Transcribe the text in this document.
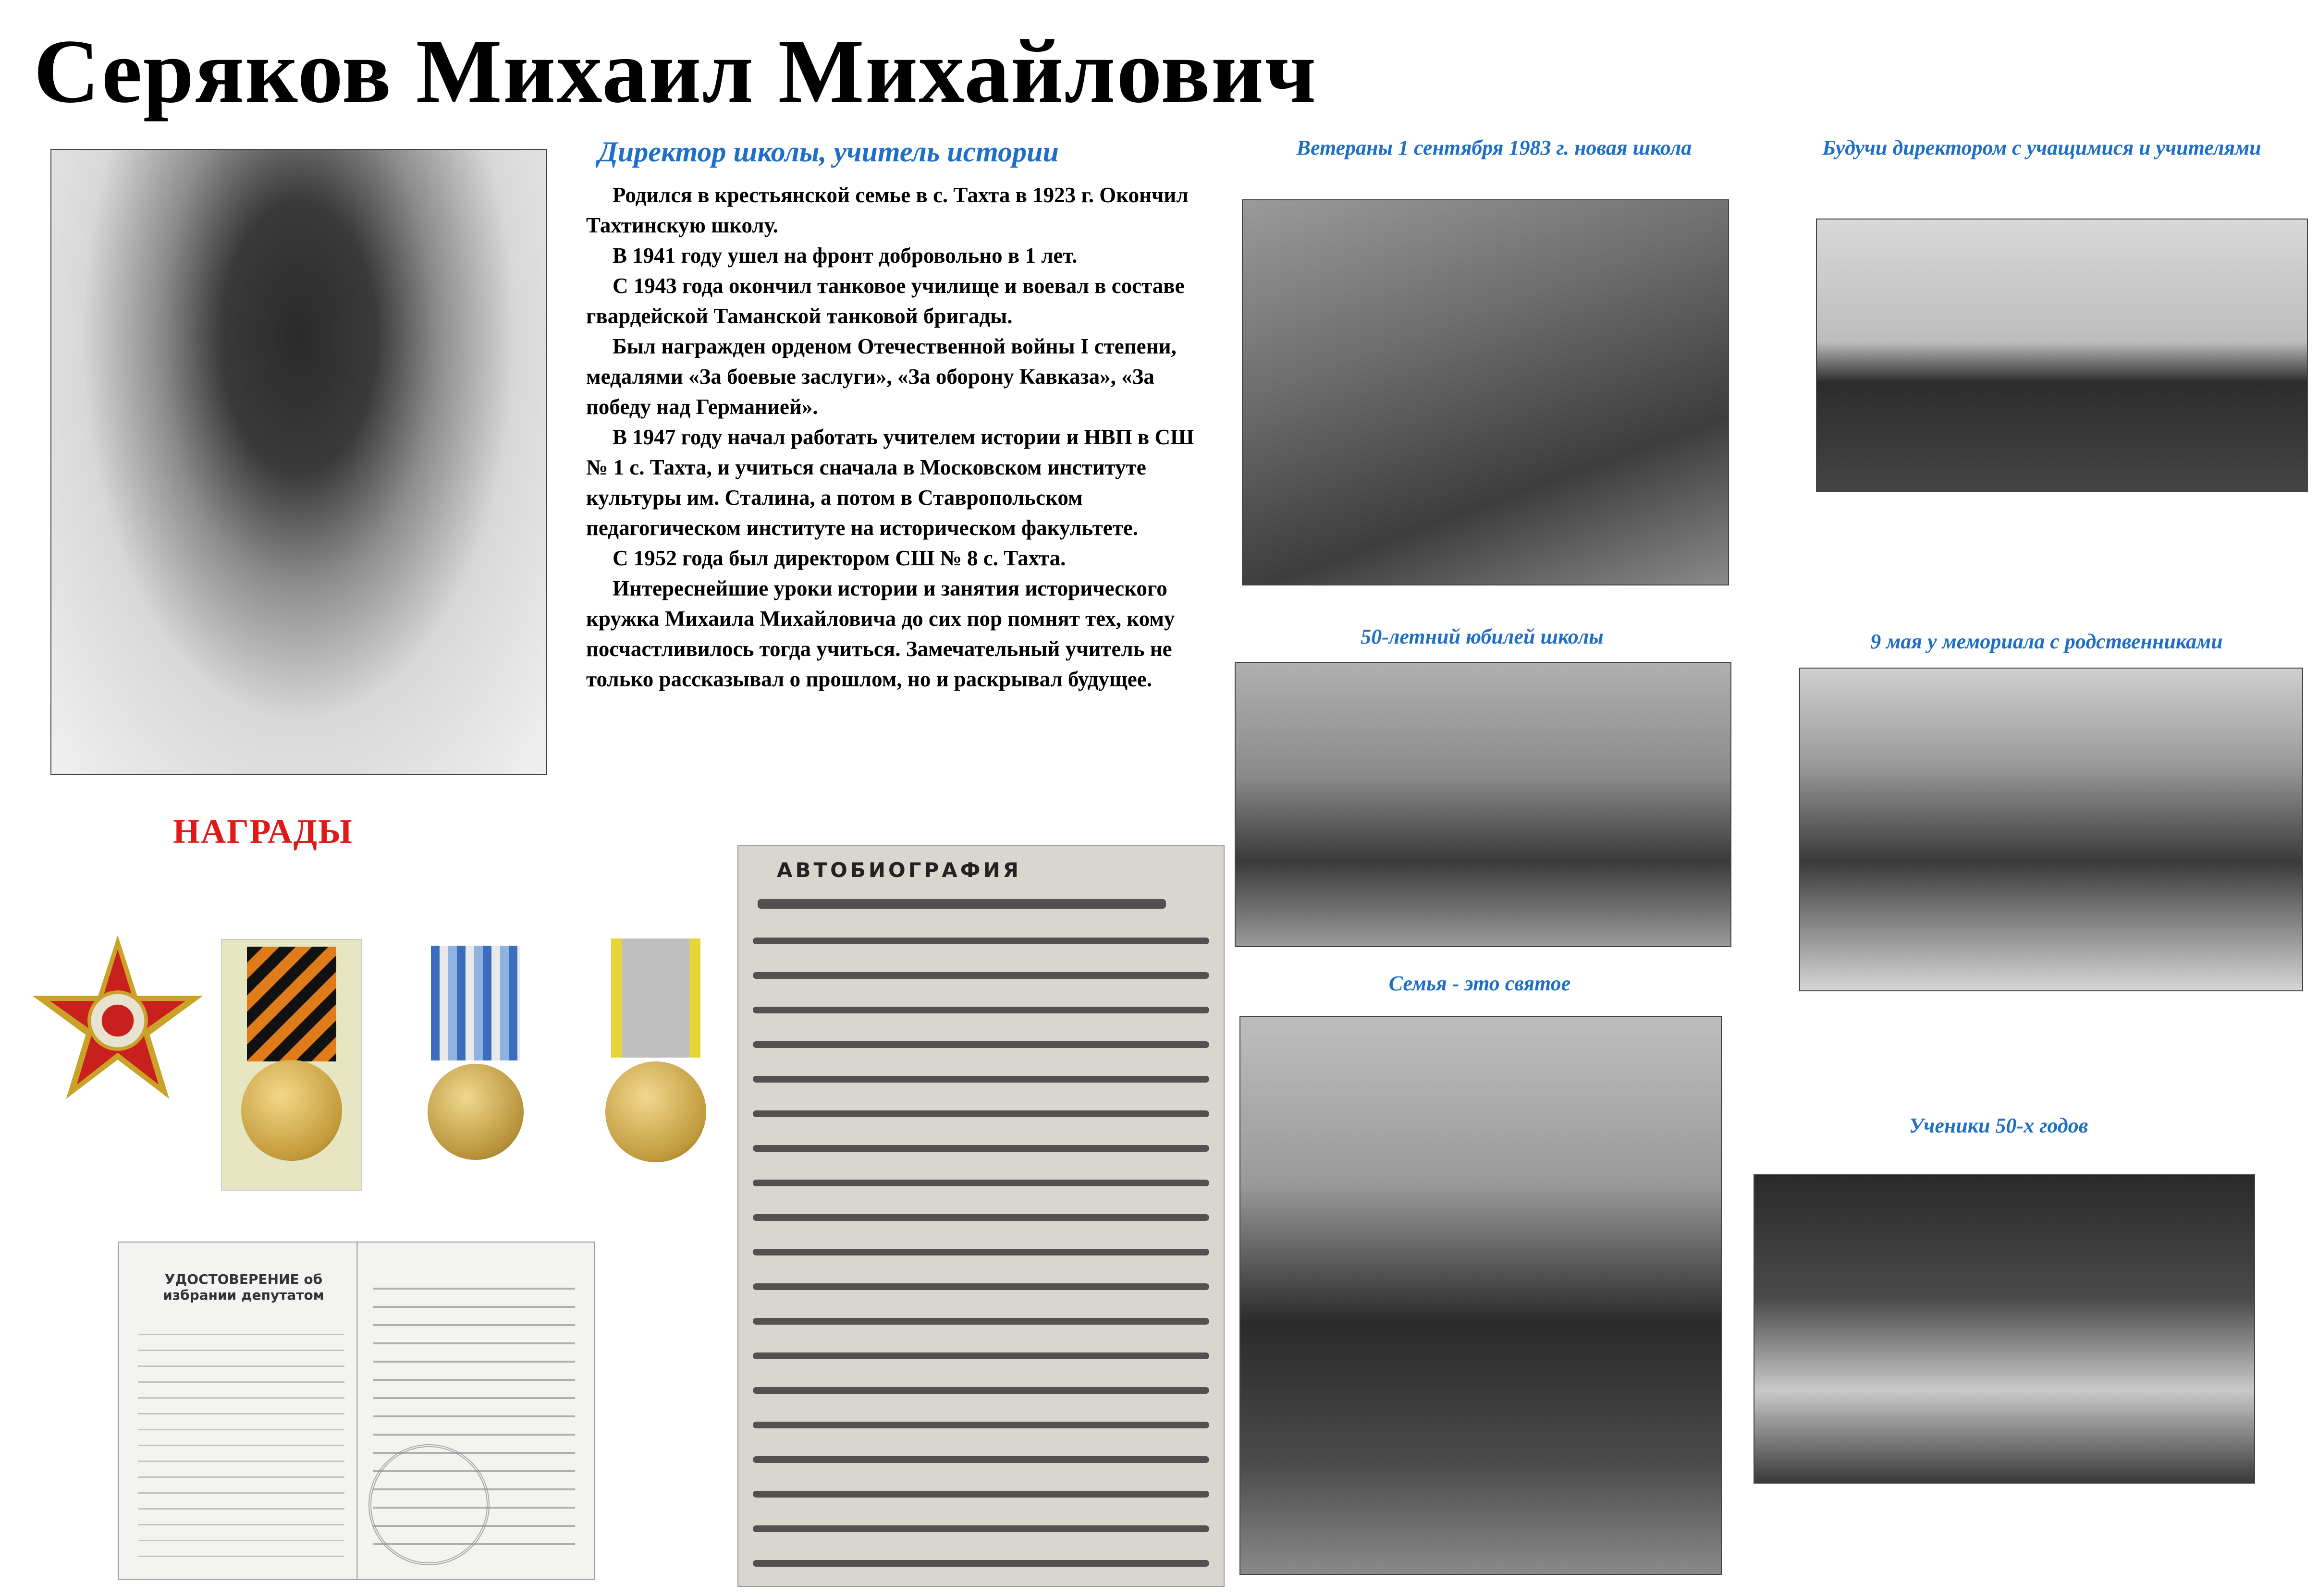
Серяков Михаил Михайлович
Директор школы, учитель истории

Родился в крестьянской семье в с. Тахта в 1923 г. Окончил Тахтинскую школу.

В 1941 году ушел на фронт добровольно в 1 лет.

С 1943 года окончил танковое училище и воевал в составе гвардейской Таманской танковой бригады.

Был награжден орденом Отечественной войны I степени, медалями «За боевые заслуги», «За оборону Кавказа», «За победу над Германией».

В 1947 году начал работать учителем истории и НВП в СШ № 1 с. Тахта, и учиться сначала в Московском институте культуры им. Сталина, а потом в Ставропольском педагогическом институте на историческом факультете.

С 1952 года был директором СШ № 8 с. Тахта.

Интереснейшие уроки истории и занятия исторического кружка Михаила Михайловича до сих пор помнят тех, кому посчастливилось тогда учиться. Замечательный учитель не только рассказывал о прошлом, но и раскрывал будущее.

Ветераны 1 сентября 1983 г. новая школа	Будучи директором с учащимися и учителями
50-летний юбилей школы	9 мая у мемориала с родственниками
Семья - это святое
Ученики 50-х годов
НАГРАДЫ
АВТОБИОГРАФИЯ
УДОСТОВЕРЕНИЕ об избрании депутатом
